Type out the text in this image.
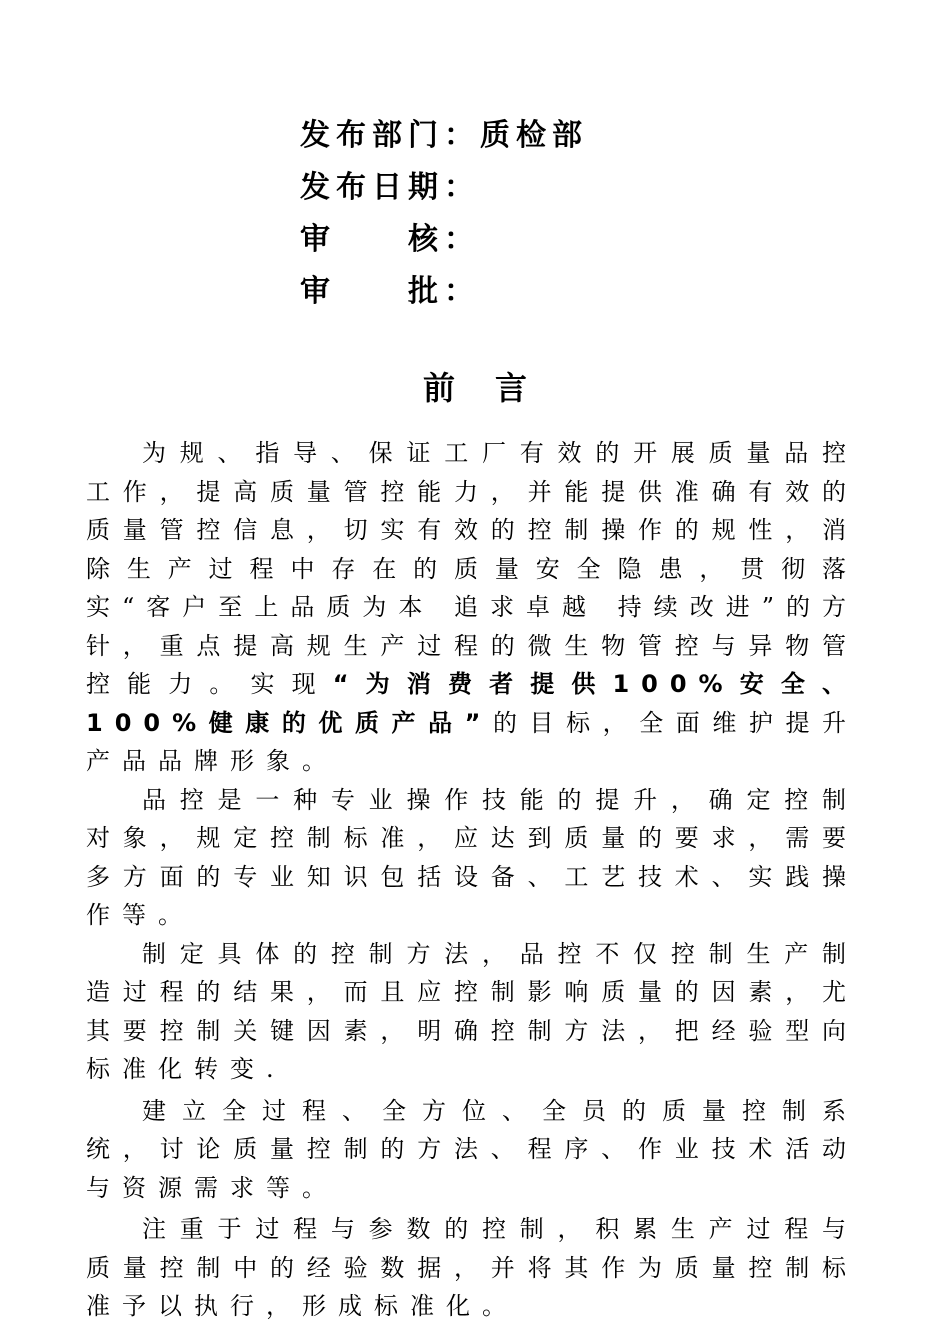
发布部门：质检部
发布日期：
审　　核：
审　　批：
前言

为规、指导、保证工厂有效的开展质量品控工作，提高质量管控能力，并能提供准确有效的质量管控信息，切实有效的控制操作的规性，消除生产过程中存在的质量安全隐患，贯彻落实“客户至上品质为本 追求卓越 持续改进”的方针，重点提高规生产过程的微生物管控与异物管控能力。实现“为消费者提供100%安全、100%健康的优质产品”的目标，全面维护提升产品品牌形象。

品控是一种专业操作技能的提升，确定控制对象，规定控制标准，应达到质量的要求，需要多方面的专业知识包括设备、工艺技术、实践操作等。

制定具体的控制方法，品控不仅控制生产制造过程的结果，而且应控制影响质量的因素，尤其要控制关键因素，明确控制方法，把经验型向标准化转变.

建立全过程、全方位、全员的质量控制系统，讨论质量控制的方法、程序、作业技术活动与资源需求等。

注重于过程与参数的控制，积累生产过程与质量控制中的经验数据，并将其作为质量控制标准予以执行，形成标准化。
